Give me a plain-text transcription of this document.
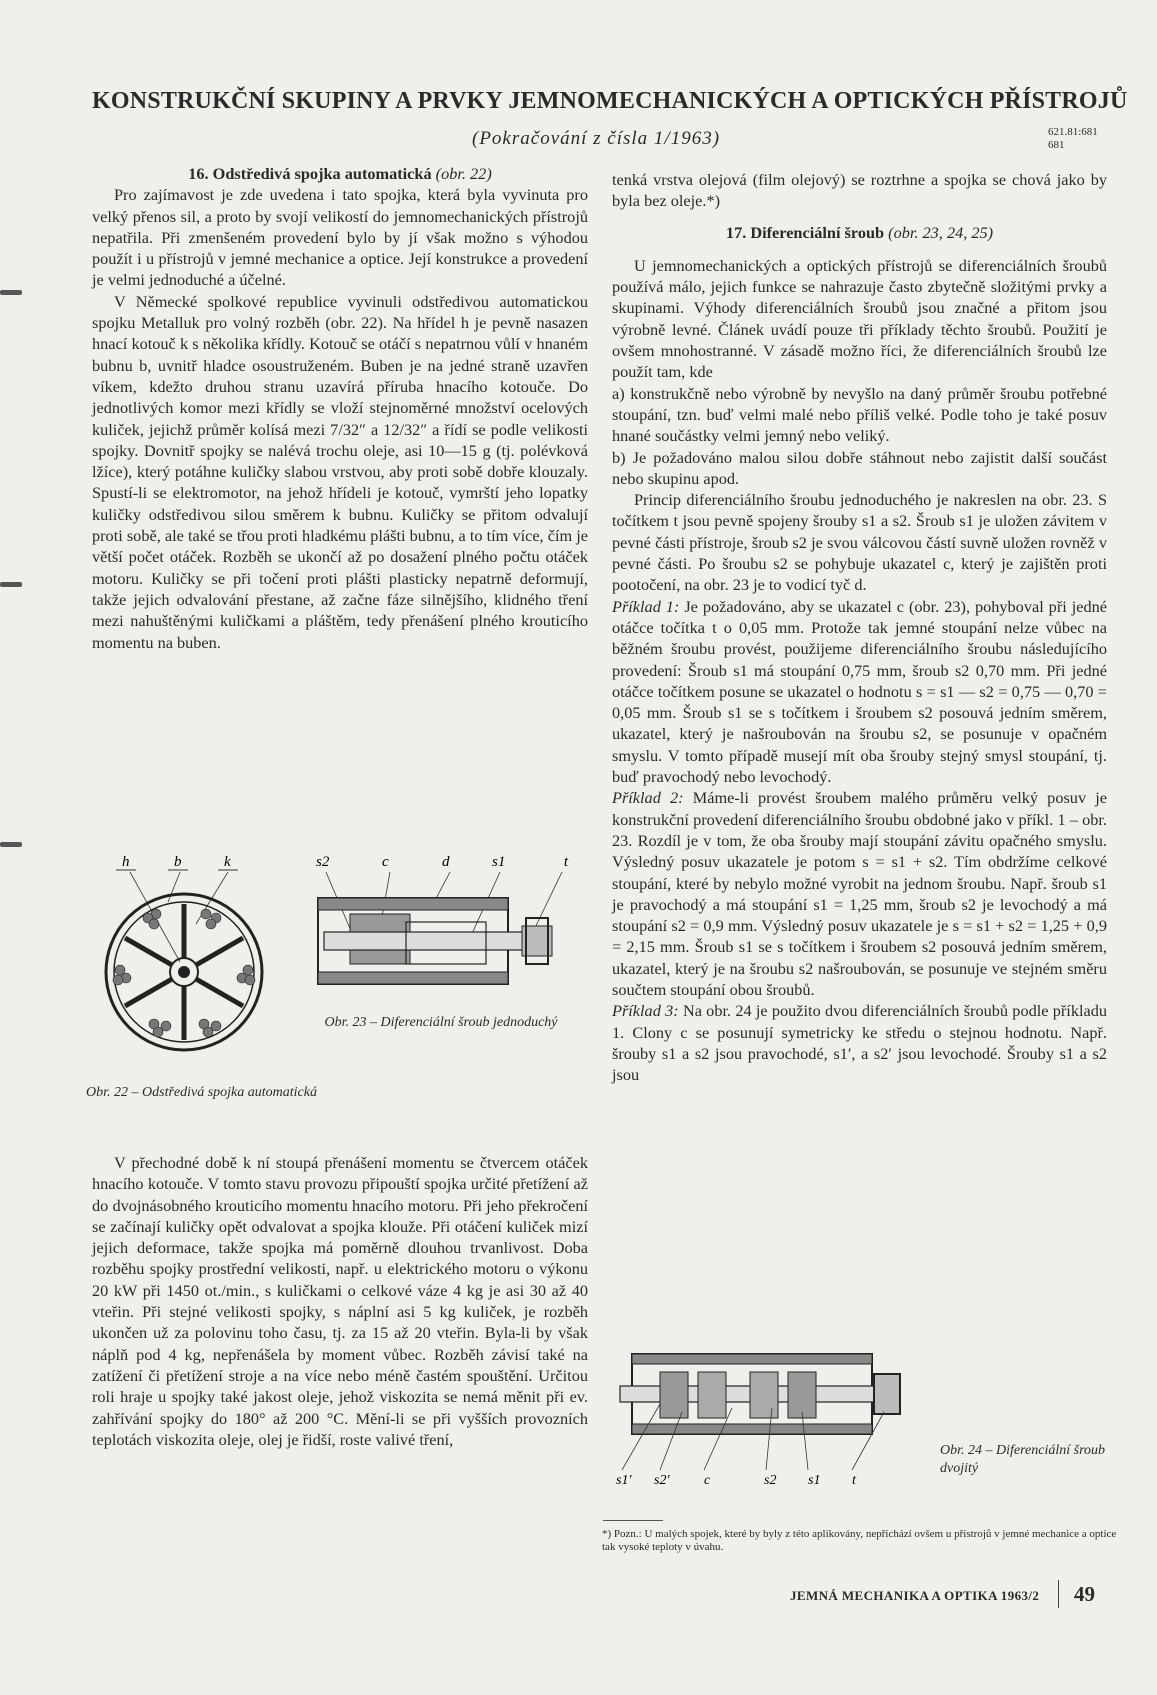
KONSTRUKČNÍ SKUPINY A PRVKY JEMNOMECHANICKÝCH A OPTICKÝCH PŘÍSTROJŮ
(Pokračování z čísla 1/1963)	621.81:681
681

16. Odstředivá spojka automatická (obr. 22)

Pro zajímavost je zde uvedena i tato spojka, která byla vyvinuta pro velký přenos sil, a proto by svojí velikostí do jemnomechanických přístrojů nepatřila. Při zmenšeném provedení bylo by jí však možno s výhodou použít i u přístrojů v jemné mechanice a optice. Její konstrukce a provedení je velmi jednoduché a účelné.

V Německé spolkové republice vyvinuli odstředivou automatickou spojku Metalluk pro volný rozběh (obr. 22). Na hřídel h je pevně nasazen hnací kotouč k s několika křídly. Kotouč se otáčí s nepatrnou vůlí v hnaném bubnu b, uvnitř hladce osoustruženém. Buben je na jedné straně uzavřen víkem, kdežto druhou stranu uzavírá příruba hnacího kotouče. Do jednotlivých komor mezi křídly se vloží stejnoměrné množství ocelových kuliček, jejichž průměr kolísá mezi 7/32″ a 12/32″ a řídí se podle velikosti spojky. Dovnitř spojky se nalévá trochu oleje, asi 10—15 g (tj. polévková lžíce), který potáhne kuličky slabou vrstvou, aby proti sobě dobře klouzaly. Spustí-li se elektromotor, na jehož hřídeli je kotouč, vymrští jeho lopatky kuličky odstředivou silou směrem k bubnu. Kuličky se přitom odvalují proti sobě, ale také se třou proti hladkému plášti bubnu, a to tím více, čím je větší počet otáček. Rozběh se ukončí až po dosažení plného počtu otáček motoru. Kuličky se při točení proti plášti plasticky nepatrně deformují, takže jejich odvalování přestane, až začne fáze silnějšího, klidného tření mezi nahuštěnými kuličkami a pláštěm, tedy přenášení plného krouticího momentu na buben.

h	b	k
Obr. 22 – Odstředivá spojka automatická
s2	c	d	s1	t
Obr. 23 – Diferenciální šroub jednoduchý

V přechodné době k ní stoupá přenášení momentu se čtvercem otáček hnacího kotouče. V tomto stavu provozu připouští spojka určité přetížení až do dvojnásobného krouticího momentu hnacího motoru. Při jeho překročení se začínají kuličky opět odvalovat a spojka klouže. Při otáčení kuliček mizí jejich deformace, takže spojka má poměrně dlouhou trvanlivost. Doba rozběhu spojky prostřední velikosti, např. u elektrického motoru o výkonu 20 kW při 1450 ot./min., s kuličkami o celkové váze 4 kg je asi 30 až 40 vteřin. Při stejné velikosti spojky, s náplní asi 5 kg kuliček, je rozběh ukončen už za polovinu toho času, tj. za 15 až 20 vteřin. Byla-li by však náplň pod 4 kg, nepřenášela by moment vůbec. Rozběh závisí také na zatížení či přetížení stroje a na více nebo méně častém spouštění. Určitou roli hraje u spojky také jakost oleje, jehož viskozita se nemá měnit při ev. zahřívání spojky do 180° až 200 °C. Mění-li se při vyšších provozních teplotách viskozita oleje, olej je řidší, roste valivé tření,

tenká vrstva olejová (film olejový) se roztrhne a spojka se chová jako by byla bez oleje.*)

17. Diferenciální šroub (obr. 23, 24, 25)

U jemnomechanických a optických přístrojů se diferenciálních šroubů používá málo, jejich funkce se nahrazuje často zbytečně složitými prvky a skupinami. Výhody diferenciálních šroubů jsou značné a přitom jsou výrobně levné. Článek uvádí pouze tři příklady těchto šroubů. Použití je ovšem mnohostranné. V zásadě možno říci, že diferenciálních šroubů lze použít tam, kde

a) konstrukčně nebo výrobně by nevyšlo na daný průměr šroubu potřebné stoupání, tzn. buď velmi malé nebo příliš velké. Podle toho je také posuv hnané součástky velmi jemný nebo veliký.

b) Je požadováno malou silou dobře stáhnout nebo zajistit další součást nebo skupinu apod.

Princip diferenciálního šroubu jednoduchého je nakreslen na obr. 23. S točítkem t jsou pevně spojeny šrouby s1 a s2. Šroub s1 je uložen závitem v pevné části přístroje, šroub s2 je svou válcovou částí suvně uložen rovněž v pevné části. Po šroubu s2 se pohybuje ukazatel c, který je zajištěn proti pootočení, na obr. 23 je to vodicí tyč d.

Příklad 1: Je požadováno, aby se ukazatel c (obr. 23), pohyboval při jedné otáčce točítka t o 0,05 mm. Protože tak jemné stoupání nelze vůbec na běžném šroubu provést, použijeme diferenciálního šroubu následujícího provedení: Šroub s1 má stoupání 0,75 mm, šroub s2 0,70 mm. Při jedné otáčce točítkem posune se ukazatel o hodnotu s = s1 — s2 = 0,75 — 0,70 = 0,05 mm. Šroub s1 se s točítkem i šroubem s2 posouvá jedním směrem, ukazatel, který je našroubován na šroubu s2, se posunuje v opačném smyslu. V tomto případě musejí mít oba šrouby stejný smysl stoupání, tj. buď pravochodý nebo levochodý.

Příklad 2: Máme-li provést šroubem malého průměru velký posuv je konstrukční provedení diferenciálního šroubu obdobné jako v příkl. 1 – obr. 23. Rozdíl je v tom, že oba šrouby mají stoupání závitu opačného smyslu. Výsledný posuv ukazatele je potom s = s1 + s2. Tím obdržíme celkové stoupání, které by nebylo možné vyrobit na jednom šroubu. Např. šroub s1 je pravochodý a má stoupání s1 = 1,25 mm, šroub s2 je levochodý a má stoupání s2 = 0,9 mm. Výsledný posuv ukazatele je s = s1 + s2 = 1,25 + 0,9 = 2,15 mm. Šroub s1 se s točítkem i šroubem s2 posouvá jedním směrem, ukazatel, který je na šroubu s2 našroubován, se posunuje ve stejném směru součtem stoupání obou šroubů.

Příklad 3: Na obr. 24 je použito dvou diferenciálních šroubů podle příkladu 1. Clony c se posunují symetricky ke středu o stejnou hodnotu. Např. šrouby s1 a s2 jsou pravochodé, s1′, a s2′ jsou levochodé. Šrouby s1 a s2 jsou

s1′ s2′ c	s2 s1 t
Obr. 24 – Diferenciální šroub dvojitý
*) Pozn.: U malých spojek, které by byly z této aplikovány, nepřichází ovšem u přístrojů v jemné mechanice a optice tak vysoké teploty v úvahu.
JEMNÁ MECHANIKA A OPTIKA 1963/2 49
